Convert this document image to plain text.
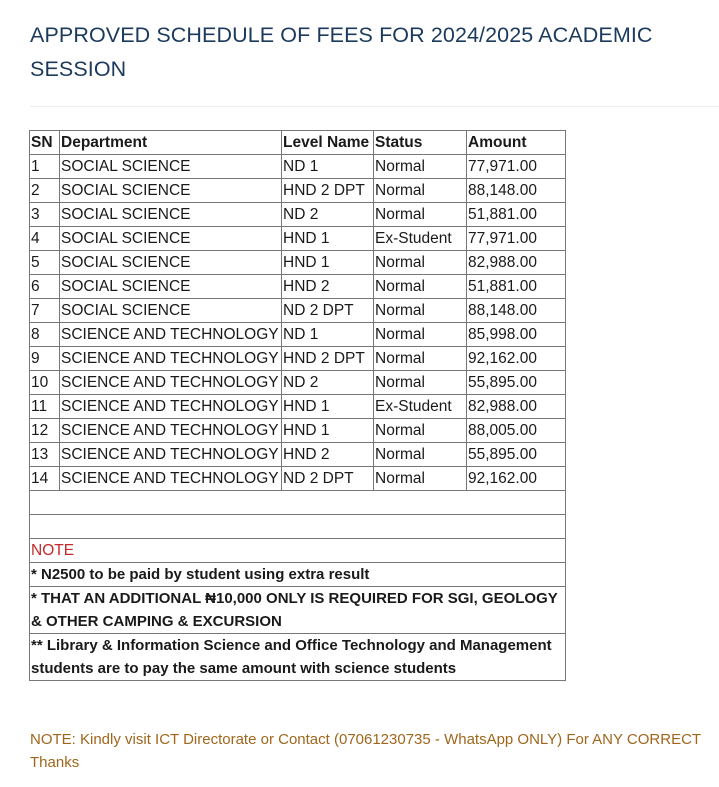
APPROVED SCHEDULE OF FEES FOR 2024/2025 ACADEMIC SESSION
SN	Department	Level Name	Status	Amount
1	SOCIAL SCIENCE	ND 1	Normal	77,971.00
2	SOCIAL SCIENCE	HND 2 DPT	Normal	88,148.00
3	SOCIAL SCIENCE	ND 2	Normal	51,881.00
4	SOCIAL SCIENCE	HND 1	Ex-Student	77,971.00
5	SOCIAL SCIENCE	HND 1	Normal	82,988.00
6	SOCIAL SCIENCE	HND 2	Normal	51,881.00
7	SOCIAL SCIENCE	ND 2 DPT	Normal	88,148.00
8	SCIENCE AND TECHNOLOGY	ND 1	Normal	85,998.00
9	SCIENCE AND TECHNOLOGY	HND 2 DPT	Normal	92,162.00
10	SCIENCE AND TECHNOLOGY	ND 2	Normal	55,895.00
11	SCIENCE AND TECHNOLOGY	HND 1	Ex-Student	82,988.00
12	SCIENCE AND TECHNOLOGY	HND 1	Normal	88,005.00
13	SCIENCE AND TECHNOLOGY	HND 2	Normal	55,895.00
14	SCIENCE AND TECHNOLOGY	ND 2 DPT	Normal	92,162.00

NOTE				
* N2500 to be paid by student using extra result				
* THAT AN ADDITIONAL ₦10,000 ONLY IS REQUIRED FOR SGI, GEOLOGY & OTHER CAMPING & EXCURSION				
** Library & Information Science and Office Technology and Management students are to pay the same amount with science students				

NOTE: Kindly visit ICT Directorate or Contact (07061230735 - WhatsApp ONLY) For ANY CORRECT

Thanks
